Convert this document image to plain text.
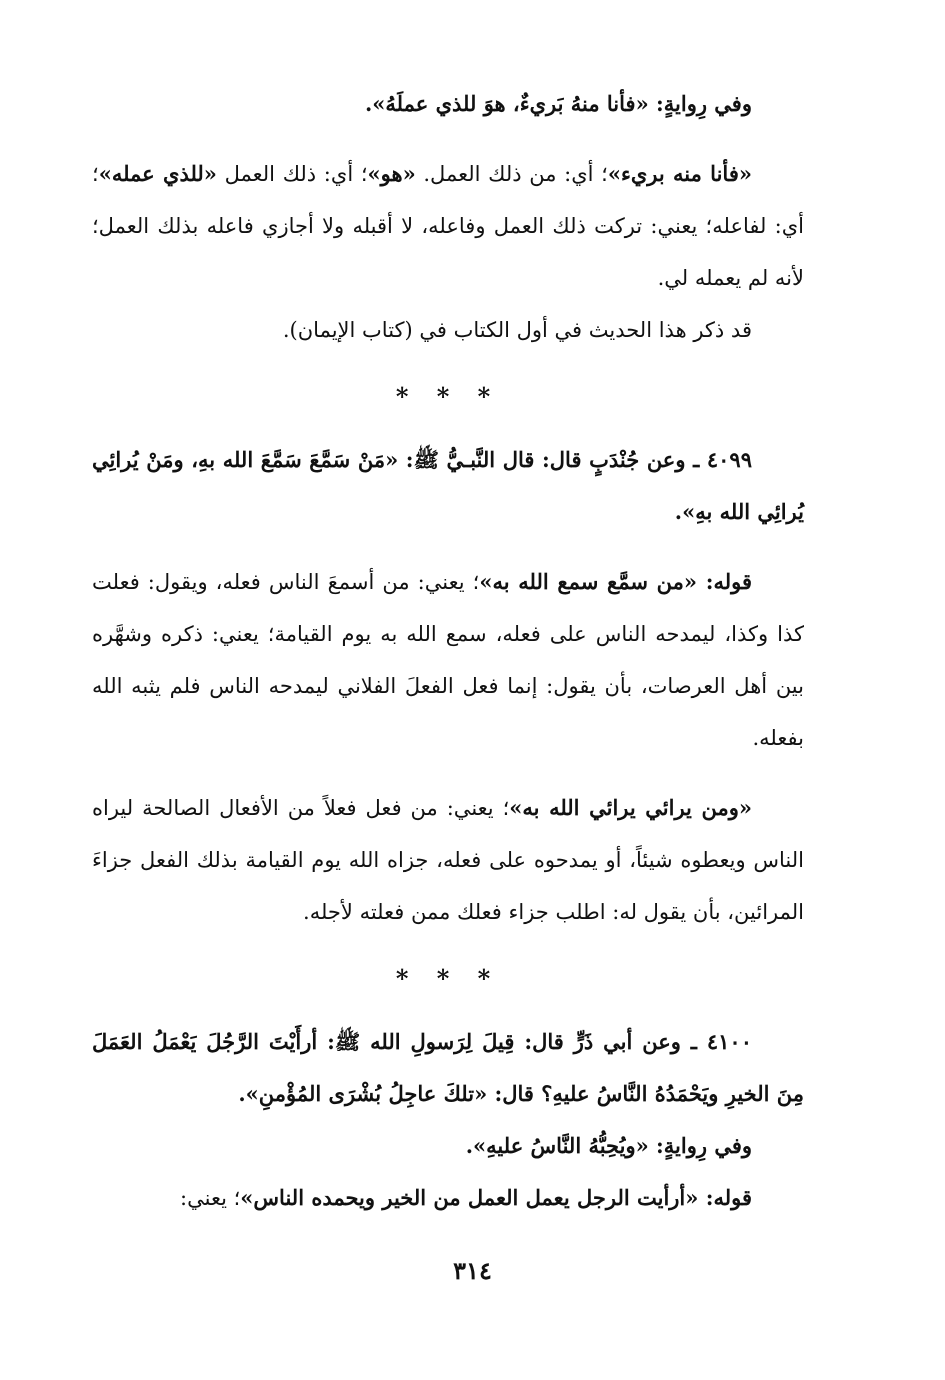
وفي رِوايةٍ: «فأنا منهُ بَريءٌ، هوَ للذي عملَهُ».

«فأنا منه بريء»؛ أي: من ذلك العمل. «هو»؛ أي: ذلك العمل «للذي عمله»؛ أي: لفاعله؛ يعني: تركت ذلك العمل وفاعله، لا أقبله ولا أجازي فاعله بذلك العمل؛ لأنه لم يعمله لي.

قد ذكر هذا الحديث في أول الكتاب في (كتاب الإيمان).

* * *

٤٠٩٩ ـ وعن جُنْدَبٍ قال: قال النَّبـيُّ ﷺ: «مَنْ سَمَّعَ سَمَّعَ الله بهِ، ومَنْ يُرائِي يُرائِي الله بهِ».

قوله: «من سمَّع سمع الله به»؛ يعني: من أسمعَ الناس فعله، ويقول: فعلت كذا وكذا، ليمدحه الناس على فعله، سمع الله به يوم القيامة؛ يعني: ذكره وشهَّره بين أهل العرصات، بأن يقول: إنما فعل الفعلَ الفلاني ليمدحه الناس فلم يثبه الله بفعله.

«ومن يرائي يرائي الله به»؛ يعني: من فعل فعلاً من الأفعال الصالحة ليراه الناس ويعطوه شيئاً، أو يمدحوه على فعله، جزاه الله يوم القيامة بذلك الفعل جزاءَ المرائين، بأن يقول له: اطلب جزاء فعلك ممن فعلته لأجله.

* * *

٤١٠٠ ـ وعن أبي ذَرٍّ قال: قِيلَ لِرَسولِ الله ﷺ: أرأَيْتَ الرَّجُلَ يَعْمَلُ العَمَلَ مِنَ الخيرِ ويَحْمَدُهُ النَّاسُ عليهِ؟ قال: «تلكَ عاجِلُ بُشْرَى المُؤْمنِ».

وفي رِوايةٍ: «ويُحِبُّهُ النَّاسُ عليهِ».

قوله: «أرأيت الرجل يعمل العمل من الخير ويحمده الناس»؛ يعني:

٣١٤
